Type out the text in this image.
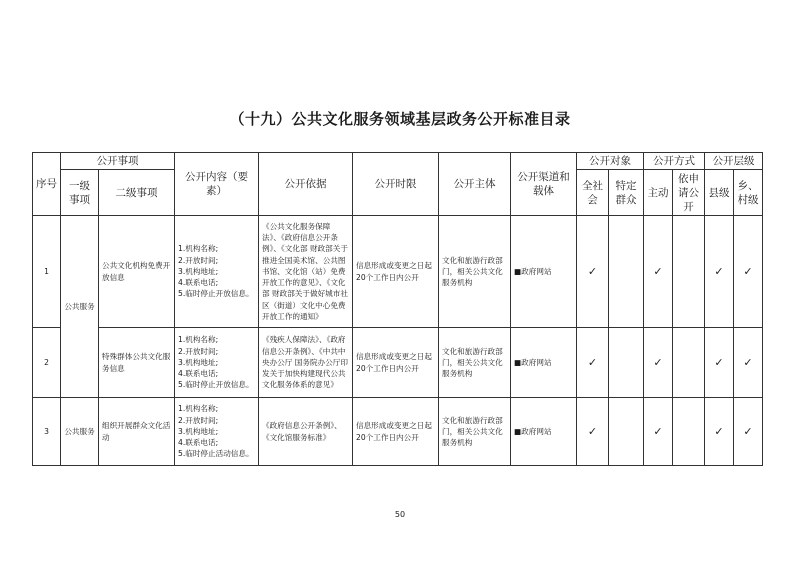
（十九）公共文化服务领域基层政务公开标准目录
序号	公开事项		公开内容（要素）	公开依据	公开时限	公开主体	公开渠道和载体	公开对象		公开方式		公开层级	
	一级事项	二级事项						全社会	特定群众	主动	依申请公开	县级	乡、村级
1	公共服务	公共文化机构免费开放信息	1.机构名称;
2.开放时间;
3.机构地址;
4.联系电话;
5.临时停止开放信息。	《公共文化服务保障法》、《政府信息公开条例》、《文化部 财政部关于推进全国美术馆、公共图书馆、文化馆（站）免费开放工作的意见》、《文化部 财政部关于做好城市社区（街道）文化中心免费开放工作的通知》	信息形成或变更之日起20个工作日内公开	文化和旅游行政部门，相关公共文化服务机构	■政府网站	✓		✓		✓	✓
2		特殊群体公共文化服务信息	1.机构名称;
2.开放时间;
3.机构地址;
4.联系电话;
5.临时停止开放信息。	《残疾人保障法》、《政府信息公开条例》、《中共中央办公厅 国务院办公厅印发关于加快构建现代公共文化服务体系的意见》	信息形成或变更之日起20个工作日内公开	文化和旅游行政部门，相关公共文化服务机构	■政府网站	✓		✓		✓	✓
3	公共服务	组织开展群众文化活动	1.机构名称;
2.开放时间;
3.机构地址;
4.联系电话;
5.临时停止活动信息。	《政府信息公开条例》、《文化馆服务标准》	信息形成或变更之日起20个工作日内公开	文化和旅游行政部门，相关公共文化服务机构	■政府网站	✓		✓		✓	✓
50
